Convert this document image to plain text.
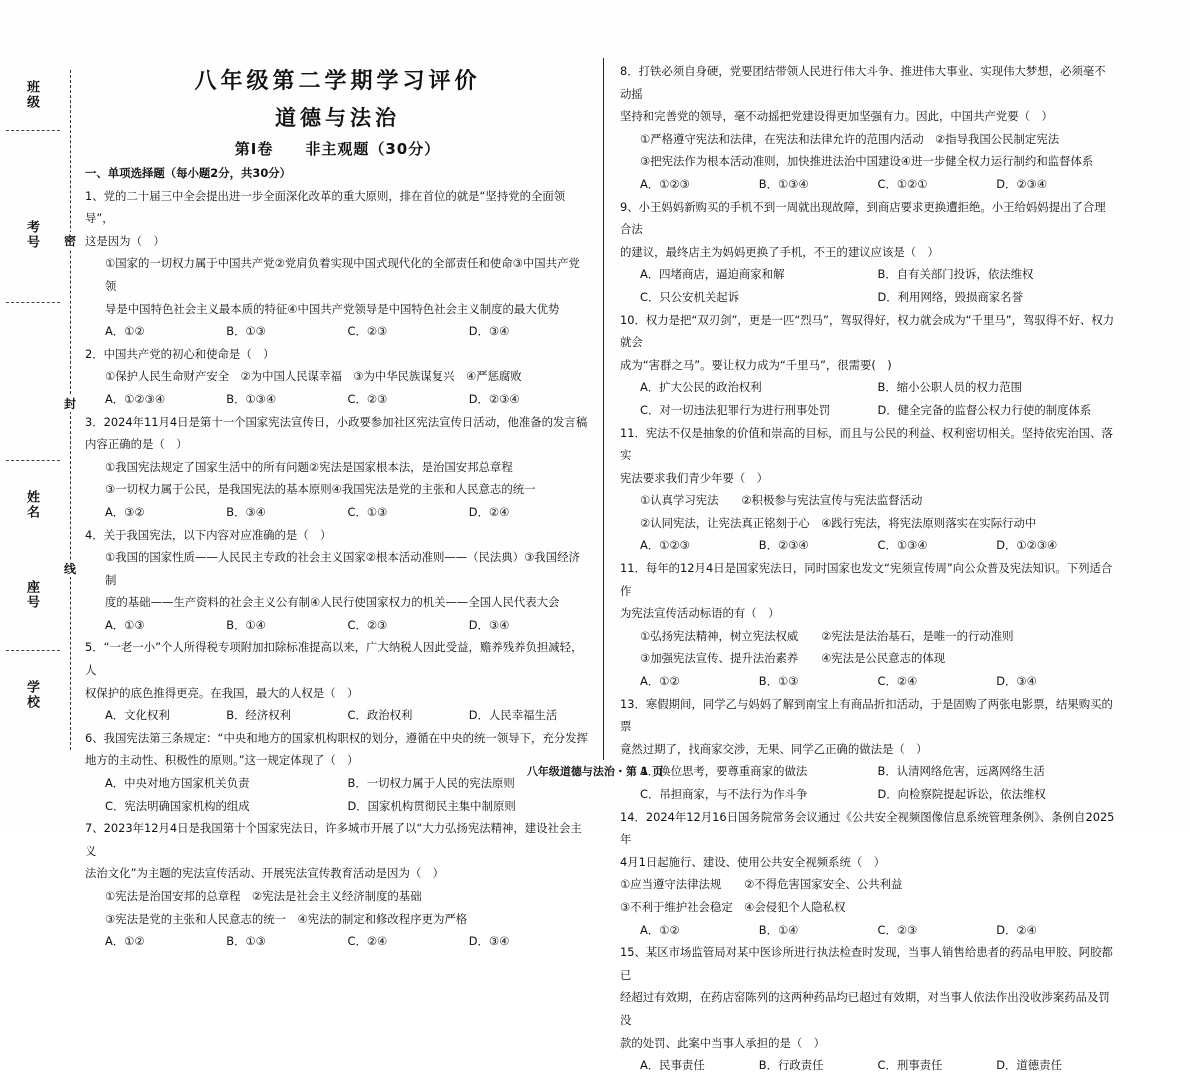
班级
考号
姓名
座号
学校
密
封
线
八年级第二学期学习评价
道德与法治
第Ⅰ卷　　非主观题（30分）
一、单项选择题（每小题2分，共30分）
1、党的二十届三中全会提出进一步全面深化改革的重大原则，排在首位的就是“坚持党的全面领导”，
这是因为（　）
①国家的一切权力属于中国共产党②党肩负着实现中国式现代化的全部责任和使命③中国共产党领
导是中国特色社会主义最本质的特征④中国共产党领导是中国特色社会主义制度的最大优势
A．①②	B．①③	C．②③	D．③④
2．中国共产党的初心和使命是（　）
①保护人民生命财产安全　②为中国人民谋幸福　③为中华民族谋复兴　④严惩腐败
A．①②③④	B．①③④	C．②③	D．②③④
3．2024年11月4日是第十一个国家宪法宣传日，小政要参加社区宪法宣传日活动，他准备的发言稿
内容正确的是（　）
①我国宪法规定了国家生活中的所有问题②宪法是国家根本法，是治国安邦总章程
③一切权力属于公民，是我国宪法的基本原则④我国宪法是党的主张和人民意志的统一
A．③②	B．③④	C．①③	D．②④
4．关于我国宪法，以下内容对应准确的是（　）
①我国的国家性质——人民民主专政的社会主义国家②根本活动准则——（民法典）③我国经济制
度的基础——生产资料的社会主义公有制④人民行使国家权力的机关——全国人民代表大会
A．①③	B．①④	C．②③	D．③④
5．“一老一小”个人所得税专项附加扣除标准提高以来，广大纳税人因此受益，赡养残养负担减轻，人
权保护的底色推得更亮。在我国，最大的人权是（　）
A．文化权利	B．经济权利	C．政治权利	D．人民幸福生活
6、我国宪法第三条规定：“中央和地方的国家机构职权的划分，遵循在中央的统一领导下，充分发挥
地方的主动性、积极性的原则。”这一规定体现了（　）
A．中央对地方国家机关负责	B．一切权力属于人民的宪法原则
C．宪法明确国家机构的组成	D．国家机构贯彻民主集中制原则
7、2023年12月4日是我国第十个国家宪法日，许多城市开展了以“大力弘扬宪法精神，建设社会主义
法治文化”为主题的宪法宣传活动、开展宪法宣传教育活动是因为（　）
①宪法是治国安邦的总章程　②宪法是社会主义经济制度的基础
③宪法是党的主张和人民意志的统一　④宪法的制定和修改程序更为严格
A．①②	B．①③	C．②④	D．③④
8．打铁必须自身硬，党要团结带领人民进行伟大斗争、推进伟大事业、实现伟大梦想，必须毫不动摇
坚持和完善党的领导，毫不动摇把党建设得更加坚强有力。因此，中国共产党要（　）
①严格遵守宪法和法律，在宪法和法律允许的范围内活动　②指导我国公民制定宪法
③把宪法作为根本活动准则，加快推进法治中国建设④进一步健全权力运行制约和监督体系
A．①②③	B．①③④	C．①②①	D．②③④
9、小王妈妈新购买的手机不到一周就出现故障，到商店要求更换遭拒绝。小王给妈妈提出了合理合法
的建议，最终店主为妈妈更换了手机，不王的建议应该是（　）
A．四堵商店，逼迫商家和解	B．自有关部门投诉，依法维权
C．只公安机关起诉	D．利用网络，毁损商家名誉
10．权力是把“双刃剑”，更是一匹“烈马”，驾驭得好，权力就会成为“千里马”，驾驭得不好、权力就会
成为“害群之马”。要让权力成为“千里马”，很需要(　)
A．扩大公民的政治权利	B．缩小公职人员的权力范围
C．对一切违法犯罪行为进行刑事处罚	D．健全完备的监督公权力行使的制度体系
11．宪法不仅是抽象的价值和崇高的目标，而且与公民的利益、权利密切相关。坚持依宪治国、落实
宪法要求我们青少年要（　）
①认真学习宪法　　②积极参与宪法宣传与宪法监督活动
②认同宪法，让宪法真正铭刻于心　④践行宪法，将宪法原则落实在实际行动中
A．①②③	B．②③④	C．①③④	D．①②③④
11．每年的12月4日是国家宪法日，同时国家也发文“宪须宣传周”向公众普及宪法知识。下列适合作
为宪法宣传活动标语的有（　）
①弘扬宪法精神，树立宪法权威　　②宪法是法治基石，是唯一的行动准则
③加强宪法宣传、提升法治素养　　④宪法是公民意志的体现
A．①②	B．①③	C．②④	D．③④
13．寒假期间，同学乙与妈妈了解到南宝上有商品折扣活动，于是固购了两张电影票，结果购买的票
竟然过期了，找商家交涉，无果、同学乙正确的做法是（　）
A．换位思考，要尊重商家的做法	B．认清网络危害，远离网络生活
C．吊担商家，与不法行为作斗争	D．向检察院提起诉讼，依法维权
14．2024年12月16日国务院常务会议通过《公共安全视频图像信息系统管理条例》、条例自2025年
4月1日起施行、建设、使用公共安全视频系统（　）
①应当遵守法律法规　　②不得危害国家安全、公共利益
③不利于维护社会稳定　④会侵犯个人隐私权
A．①②	B．①④	C．②③	D．②④
15、某区市场监管局对某中医诊所进行执法检查时发现，当事人销售给患者的药品电甲胶、阿胶都已
经超过有效期，在药店窑陈列的这两种药品均已超过有效期，对当事人依法作出没收涉案药品及罚没
款的处罚、此案中当事人承担的是（　）
A．民事责任	B．行政责任	C．刑事责任	D．道德责任
八年级道德与法治・第 1 页
